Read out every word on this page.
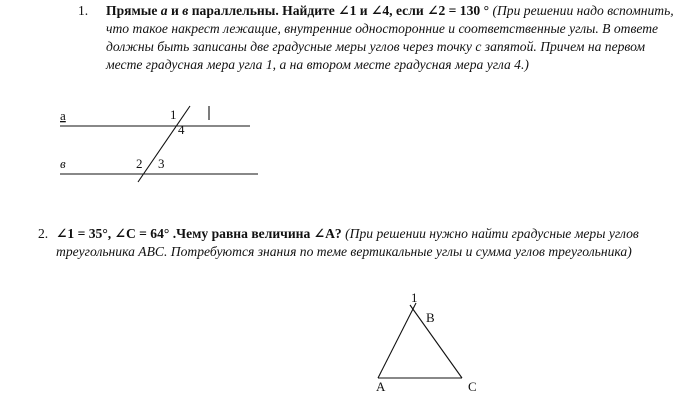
1.	Прямые а и в параллельны. Найдите ∠1 и ∠4, если ∠2 = 130 ° (При решении надо вспомнить, что такое накрест лежащие, внутренние односторонние и соответственные углы. В ответе должны быть записаны две градусные меры углов через точку с запятой. Причем на первом месте градусная мера угла 1, а на втором месте градусная мера угла 4.)
а
в
1
4
2 3
2. ∠1 = 35°, ∠C = 64° .Чему равна величина ∠A? (При решении нужно найти градусные меры углов треугольника ABC. Потребуются знания по теме вертикальные углы и сумма углов треугольника)
1
B
A	C
